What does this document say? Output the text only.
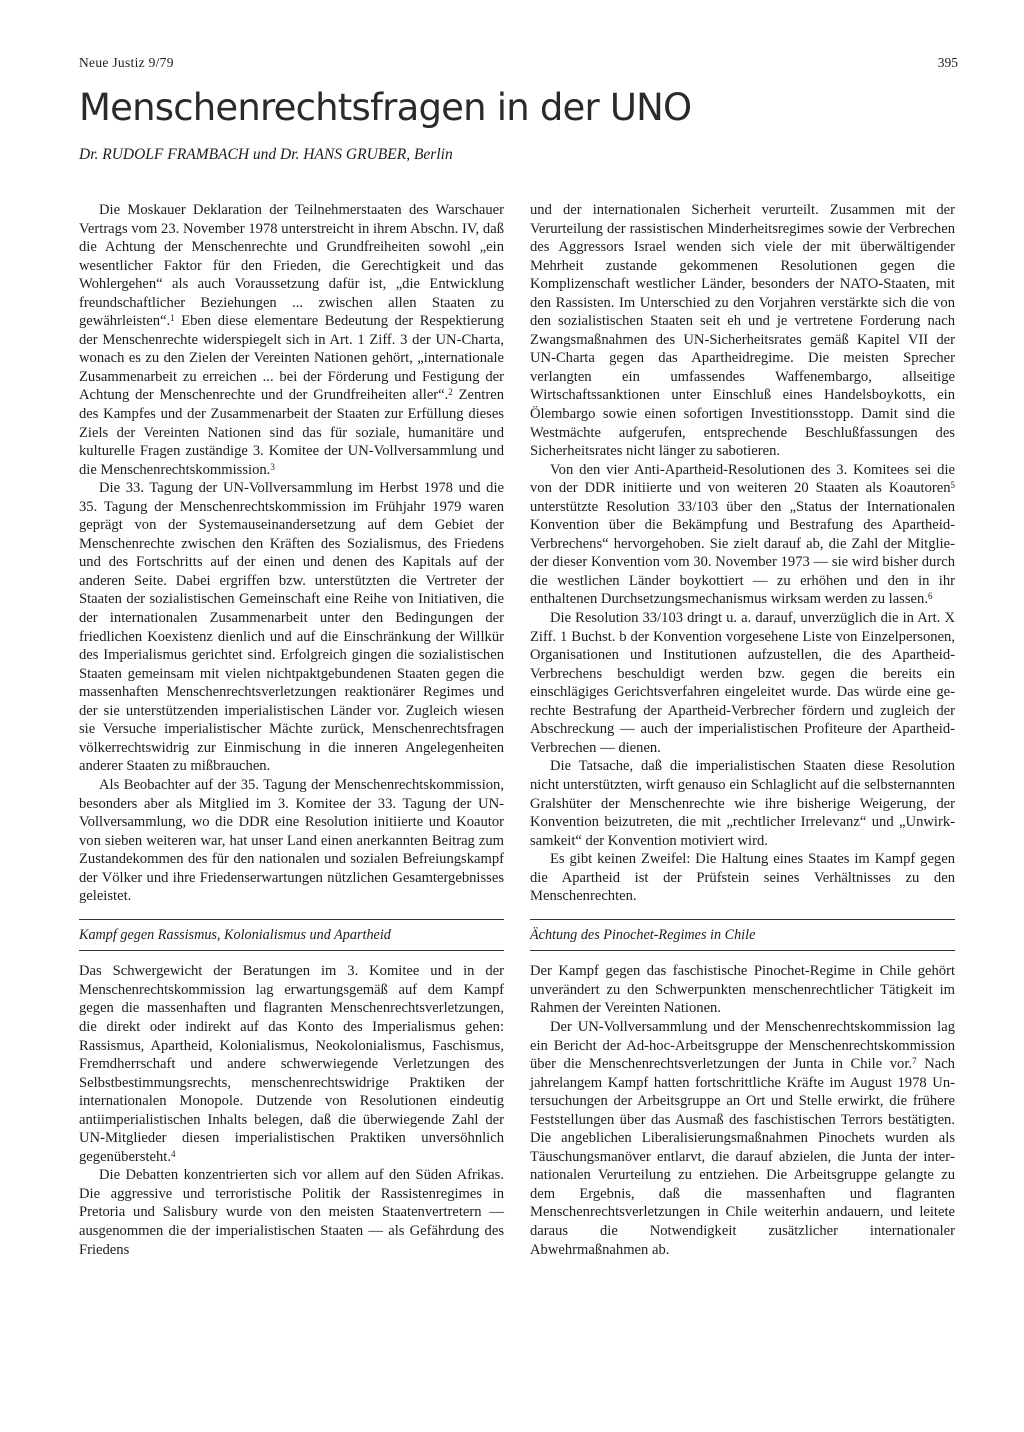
Neue Justiz 9/79	395
Menschenrechtsfragen in der UNO

Dr. RUDOLF FRAMBACH und Dr. HANS GRUBER, Berlin

Die Moskauer Deklaration der Teilnehmerstaaten des Warschauer Vertrags vom 23. November 1978 unterstreicht in ihrem Abschn. IV, daß die Achtung der Menschenrechte und Grundfreiheiten sowohl „ein wesentlicher Faktor für den Frieden, die Gerechtigkeit und das Wohlergehen“ als auch Voraussetzung dafür ist, „die Entwicklung freundschaftlicher Beziehungen ... zwischen allen Staaten zu gewährleisten“.$^1$ Eben diese elementare Bedeutung der Respektierung der Menschenrechte widerspiegelt sich in Art. 1 Ziff. 3 der UN-Charta, wonach es zu den Zielen der Vereinten Nationen gehört, „internationale Zusammenarbeit zu erreichen ... bei der Förderung und Festigung der Achtung der Menschenrechte und der Grundfreiheiten aller“.$^2$ Zentren des Kampfes und der Zusammenarbeit der Staaten zur Erfüllung dieses Ziels der Vereinten Nationen sind das für soziale, humanitäre und kulturelle Fragen zuständige 3. Komitee der UN-Vollversammlung und die Menschenrechtskommission.$^3$

Die 33. Tagung der UN-Vollversammlung im Herbst 1978 und die 35. Tagung der Menschenrechtskommission im Frühjahr 1979 waren geprägt von der Systemauseinandersetzung auf dem Gebiet der Menschenrechte zwischen den Kräften des Sozialismus, des Friedens und des Fortschritts auf der einen und denen des Kapitals auf der anderen Seite. Dabei ergriffen bzw. unterstützten die Vertreter der Staaten der sozialistischen Gemeinschaft eine Reihe von Initiativen, die der internationalen Zusammenarbeit unter den Bedingungen der friedlichen Koexistenz dienlich und auf die Einschränkung der Willkür des Imperialismus gerichtet sind. Erfolgreich gingen die sozialistischen Staaten gemeinsam mit vielen nichtpaktgebundenen Staaten gegen die massenhaften Menschenrechtsverletzungen reaktionärer Regimes und der sie unterstützenden imperialistischen Länder vor. Zugleich wiesen sie Versuche imperialistischer Mächte zurück, Menschenrechtsfragen völkerrechtswidrig zur Einmischung in die inneren Angelegenheiten anderer Staaten zu mißbrauchen.

Als Beobachter auf der 35. Tagung der Menschenrechtskommission, besonders aber als Mitglied im 3. Komitee der 33. Tagung der UN-Vollversammlung, wo die DDR eine Resolution initiierte und Koautor von sieben weiteren war, hat unser Land einen anerkannten Beitrag zum Zustandekommen des für den nationalen und sozialen Befreiungskampf der Völker und ihre Friedenserwartungen nützlichen Gesamtergebnisses geleistet.

Kampf gegen Rassismus, Kolonialismus und Apartheid

Das Schwergewicht der Beratungen im 3. Komitee und in der Menschenrechtskommission lag erwartungsgemäß auf dem Kampf gegen die massenhaften und flagranten Menschenrechtsverletzungen, die direkt oder indirekt auf das Konto des Imperialismus gehen: Rassismus, Apartheid, Kolonialismus, Neokolonialismus, Faschismus, Fremdherrschaft und andere schwerwiegende Verletzungen des Selbstbestimmungsrechts, menschenrechtswidrige Praktiken der internationalen Monopole. Dutzende von Resolutionen eindeutig antiimperialistischen Inhalts belegen, daß die überwiegende Zahl der UN-Mitglieder diesen imperialistischen Praktiken unversöhnlich gegenübersteht.$^4$

Die Debatten konzentrierten sich vor allem auf den Süden Afrikas. Die aggressive und terroristische Politik der Rassistenregimes in Pretoria und Salisbury wurde von den meisten Staatenvertretern — ausgenommen die der imperialistischen Staaten — als Gefährdung des Friedens

und der internationalen Sicherheit verurteilt. Zusammen mit der Verurteilung der rassistischen Minderheitsregimes sowie der Verbrechen des Aggressors Israel wenden sich viele der mit überwältigender Mehrheit zustande gekommenen Resolutionen gegen die Komplizenschaft westlicher Länder, besonders der NATO-Staaten, mit den Rassisten. Im Unterschied zu den Vorjahren verstärkte sich die von den sozialistischen Staaten seit eh und je vertretene Forderung nach Zwangsmaßnahmen des UN-Sicherheitsrates gemäß Kapitel VII der UN-Charta gegen das Apartheidregime. Die meisten Sprecher verlangten ein umfassendes Waffenembargo, allseitige Wirtschaftssanktionen unter Einschluß eines Handelsboykotts, ein Ölembargo sowie einen sofortigen Investitionsstopp. Damit sind die Westmächte aufgerufen, entsprechende Beschlußfassungen des Sicherheitsrates nicht länger zu sabotieren.

Von den vier Anti-Apartheid-Resolutionen des 3. Komitees sei die von der DDR initiierte und von weiteren 20 Staaten als Koautoren$^5$ unterstützte Resolution 33/103 über den „Status der Internationalen Konvention über die Bekämpfung und Bestrafung des Apartheid-Verbrechens“ hervorgehoben. Sie zielt darauf ab, die Zahl der Mitglieder dieser Konvention vom 30. November 1973 — sie wird bisher durch die westlichen Länder boykottiert — zu erhöhen und den in ihr enthaltenen Durchsetzungsmechanismus wirksam werden zu lassen.$^6$

Die Resolution 33/103 dringt u. a. darauf, unverzüglich die in Art. X Ziff. 1 Buchst. b der Konvention vorgesehene Liste von Einzelpersonen, Organisationen und Institutionen aufzustellen, die des Apartheid-Verbrechens beschuldigt werden bzw. gegen die bereits ein einschlägiges Gerichtsverfahren eingeleitet wurde. Das würde eine gerechte Bestrafung der Apartheid-Verbrecher fördern und zugleich der Abschreckung — auch der imperialistischen Profiteure der Apartheid-Verbrechen — dienen.

Die Tatsache, daß die imperialistischen Staaten diese Resolution nicht unterstützten, wirft genauso ein Schlaglicht auf die selbsternannten Gralshüter der Menschenrechte wie ihre bisherige Weigerung, der Konvention beizutreten, die mit „rechtlicher Irrelevanz“ und „Unwirksamkeit“ der Konvention motiviert wird.

Es gibt keinen Zweifel: Die Haltung eines Staates im Kampf gegen die Apartheid ist der Prüfstein seines Verhältnisses zu den Menschenrechten.

Ächtung des Pinochet-Regimes in Chile

Der Kampf gegen das faschistische Pinochet-Regime in Chile gehört unverändert zu den Schwerpunkten menschenrechtlicher Tätigkeit im Rahmen der Vereinten Nationen.

Der UN-Vollversammlung und der Menschenrechtskommission lag ein Bericht der Ad-hoc-Arbeitsgruppe der Menschenrechtskommission über die Menschenrechtsverletzungen der Junta in Chile vor.$^7$ Nach jahrelangem Kampf hatten fortschrittliche Kräfte im August 1978 Untersuchungen der Arbeitsgruppe an Ort und Stelle erwirkt, die frühere Feststellungen über das Ausmaß des faschistischen Terrors bestätigten. Die angeblichen Liberalisierungsmaßnahmen Pinochets wurden als Täuschungsmanöver entlarvt, die darauf abzielen, die Junta der internationalen Verurteilung zu entziehen. Die Arbeitsgruppe gelangte zu dem Ergebnis, daß die massenhaften und flagranten Menschenrechtsverletzungen in Chile weiterhin andauern, und leitete daraus die Notwendigkeit zusätzlicher internationaler Abwehrmaßnahmen ab.
